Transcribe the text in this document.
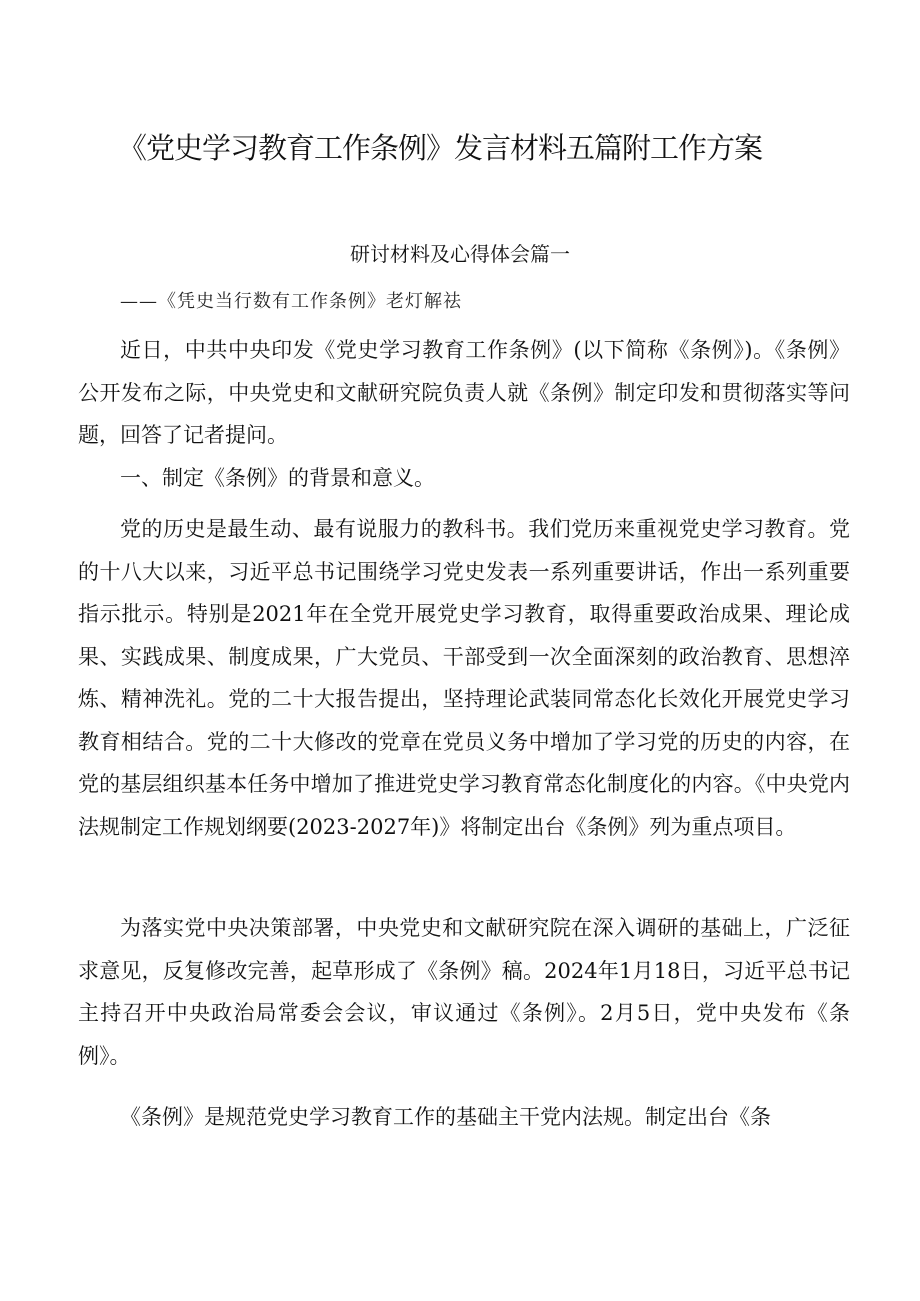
《党史学习教育工作条例》发言材料五篇附工作方案
研讨材料及心得体会篇一
——《凭史当行数有工作条例》老灯解祛

近日，中共中央印发《党史学习教育工作条例》(以下简称《条例》)。《条例》公开发布之际，中央党史和文献研究院负责人就《条例》制定印发和贯彻落实等问题，回答了记者提问。

一、制定《条例》的背景和意义。

党的历史是最生动、最有说服力的教科书。我们党历来重视党史学习教育。党的十八大以来，习近平总书记围绕学习党史发表一系列重要讲话，作出一系列重要指示批示。特别是2021年在全党开展党史学习教育，取得重要政治成果、理论成果、实践成果、制度成果，广大党员、干部受到一次全面深刻的政治教育、思想淬炼、精神洗礼。党的二十大报告提出，坚持理论武装同常态化长效化开展党史学习教育相结合。党的二十大修改的党章在党员义务中增加了学习党的历史的内容，在党的基层组织基本任务中增加了推进党史学习教育常态化制度化的内容。《中央党内法规制定工作规划纲要(2023-2027年)》将制定出台《条例》列为重点项目。

为落实党中央决策部署，中央党史和文献研究院在深入调研的基础上，广泛征求意见，反复修改完善，起草形成了《条例》稿。2024年1月18日，习近平总书记主持召开中央政治局常委会会议，审议通过《条例》。2月5日，党中央发布《条例》。

《条例》是规范党史学习教育工作的基础主干党内法规。制定出台《条
